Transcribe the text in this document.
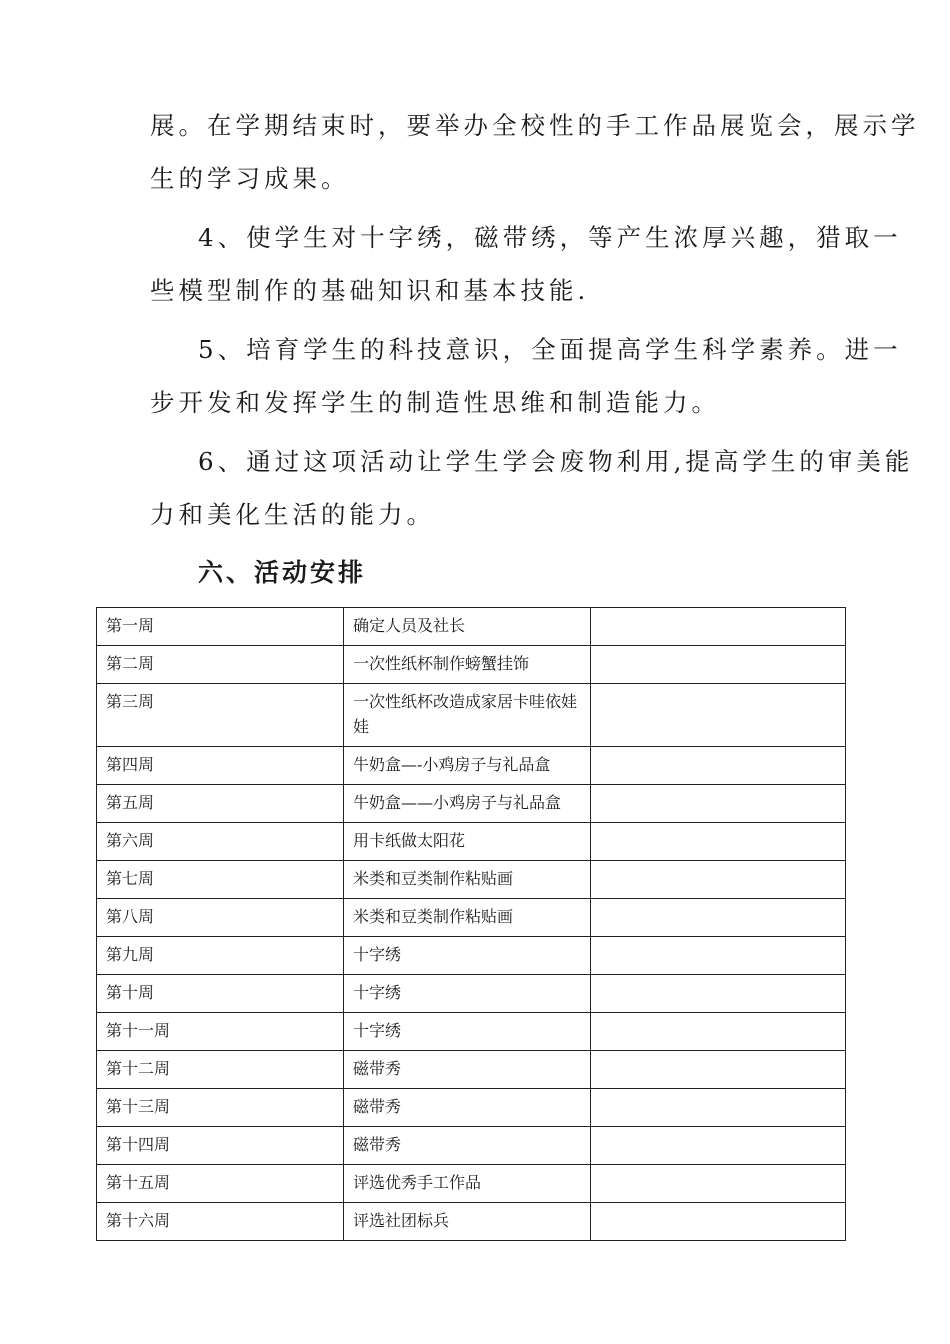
展。在学期结束时，要举办全校性的手工作品展览会，展示学
生的学习成果。
4、使学生对十字绣，磁带绣，等产生浓厚兴趣，猎取一
些模型制作的基础知识和基本技能.
5、培育学生的科技意识，全面提高学生科学素养。进一
步开发和发挥学生的制造性思维和制造能力。
6、通过这项活动让学生学会废物利用,提高学生的审美能
力和美化生活的能力。
六、活动安排
第一周	确定人员及社长	
第二周	一次性纸杯制作螃蟹挂饰	
第三周	一次性纸杯改造成家居卡哇依娃娃	
第四周	牛奶盒—-小鸡房子与礼品盒	
第五周	牛奶盒——小鸡房子与礼品盒	
第六周	用卡纸做太阳花	
第七周	米类和豆类制作粘贴画	
第八周	米类和豆类制作粘贴画	
第九周	十字绣	
第十周	十字绣	
第十一周	十字绣	
第十二周	磁带秀	
第十三周	磁带秀	
第十四周	磁带秀	
第十五周	评选优秀手工作品	
第十六周	评选社团标兵	
